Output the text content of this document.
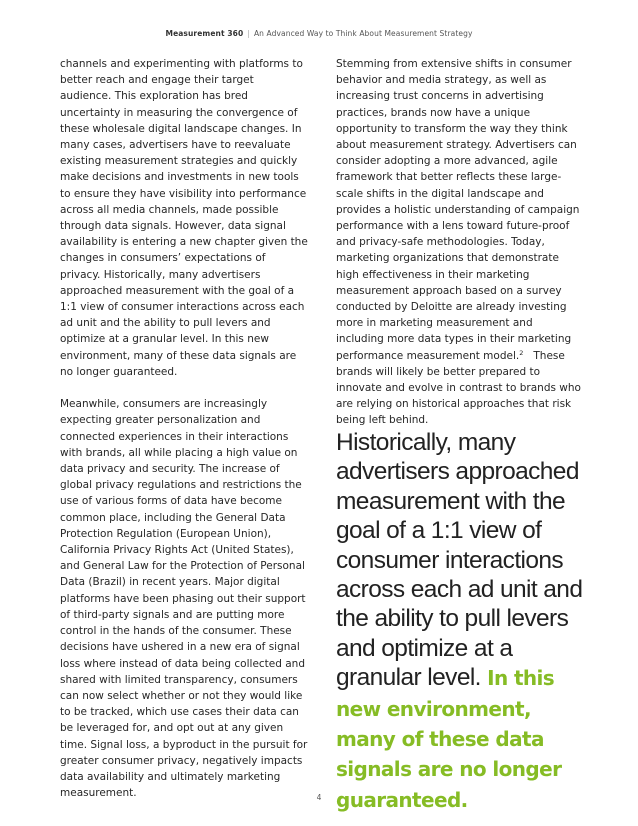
Measurement 360 | An Advanced Way to Think About Measurement Strategy

channels and experimenting with platforms to better reach and engage their target audience. This exploration has bred uncertainty in measuring the convergence of these wholesale digital landscape changes. In many cases, advertisers have to reevaluate existing measurement strategies and quickly make decisions and investments in new tools to ensure they have visibility into performance across all media channels, made possible through data signals. However, data signal availability is entering a new chapter given the changes in consumers’ expectations of privacy. Historically, many advertisers approached measurement with the goal of a 1:1 view of consumer interactions across each ad unit and the ability to pull levers and optimize at a granular level. In this new environment, many of these data signals are no longer guaranteed.

Meanwhile, consumers are increasingly expecting greater personalization and connected experiences in their interactions with brands, all while placing a high value on data privacy and security. The increase of global privacy regulations and restrictions the use of various forms of data have become common place, including the General Data Protection Regulation (European Union), California Privacy Rights Act (United States), and General Law for the Protection of Personal Data (Brazil) in recent years. Major digital platforms have been phasing out their support of third-party signals and are putting more control in the hands of the consumer. These decisions have ushered in a new era of signal loss where instead of data being collected and shared with limited transparency, consumers can now select whether or not they would like to be tracked, which use cases their data can be leveraged for, and opt out at any given time. Signal loss, a byproduct in the pursuit for greater consumer privacy, negatively impacts data availability and ultimately marketing measurement.

Stemming from extensive shifts in consumer behavior and media strategy, as well as increasing trust concerns in advertising practices, brands now have a unique opportunity to transform the way they think about measurement strategy. Advertisers can consider adopting a more advanced, agile framework that better reflects these large-scale shifts in the digital landscape and provides a holistic understanding of campaign performance with a lens toward future-proof and privacy-safe methodologies. Today, marketing organizations that demonstrate high effectiveness in their marketing measurement approach based on a survey conducted by Deloitte are already investing more in marketing measurement and including more data types in their marketing performance measurement model.$^2$ These brands will likely be better prepared to innovate and evolve in contrast to brands who are relying on historical approaches that risk being left behind.

Historically, many advertisers approached measurement with the goal of a 1:1 view of consumer interactions across each ad unit and the ability to pull levers and optimize at a granular level. In this new environment, many of these data signals are no longer guaranteed.
4
